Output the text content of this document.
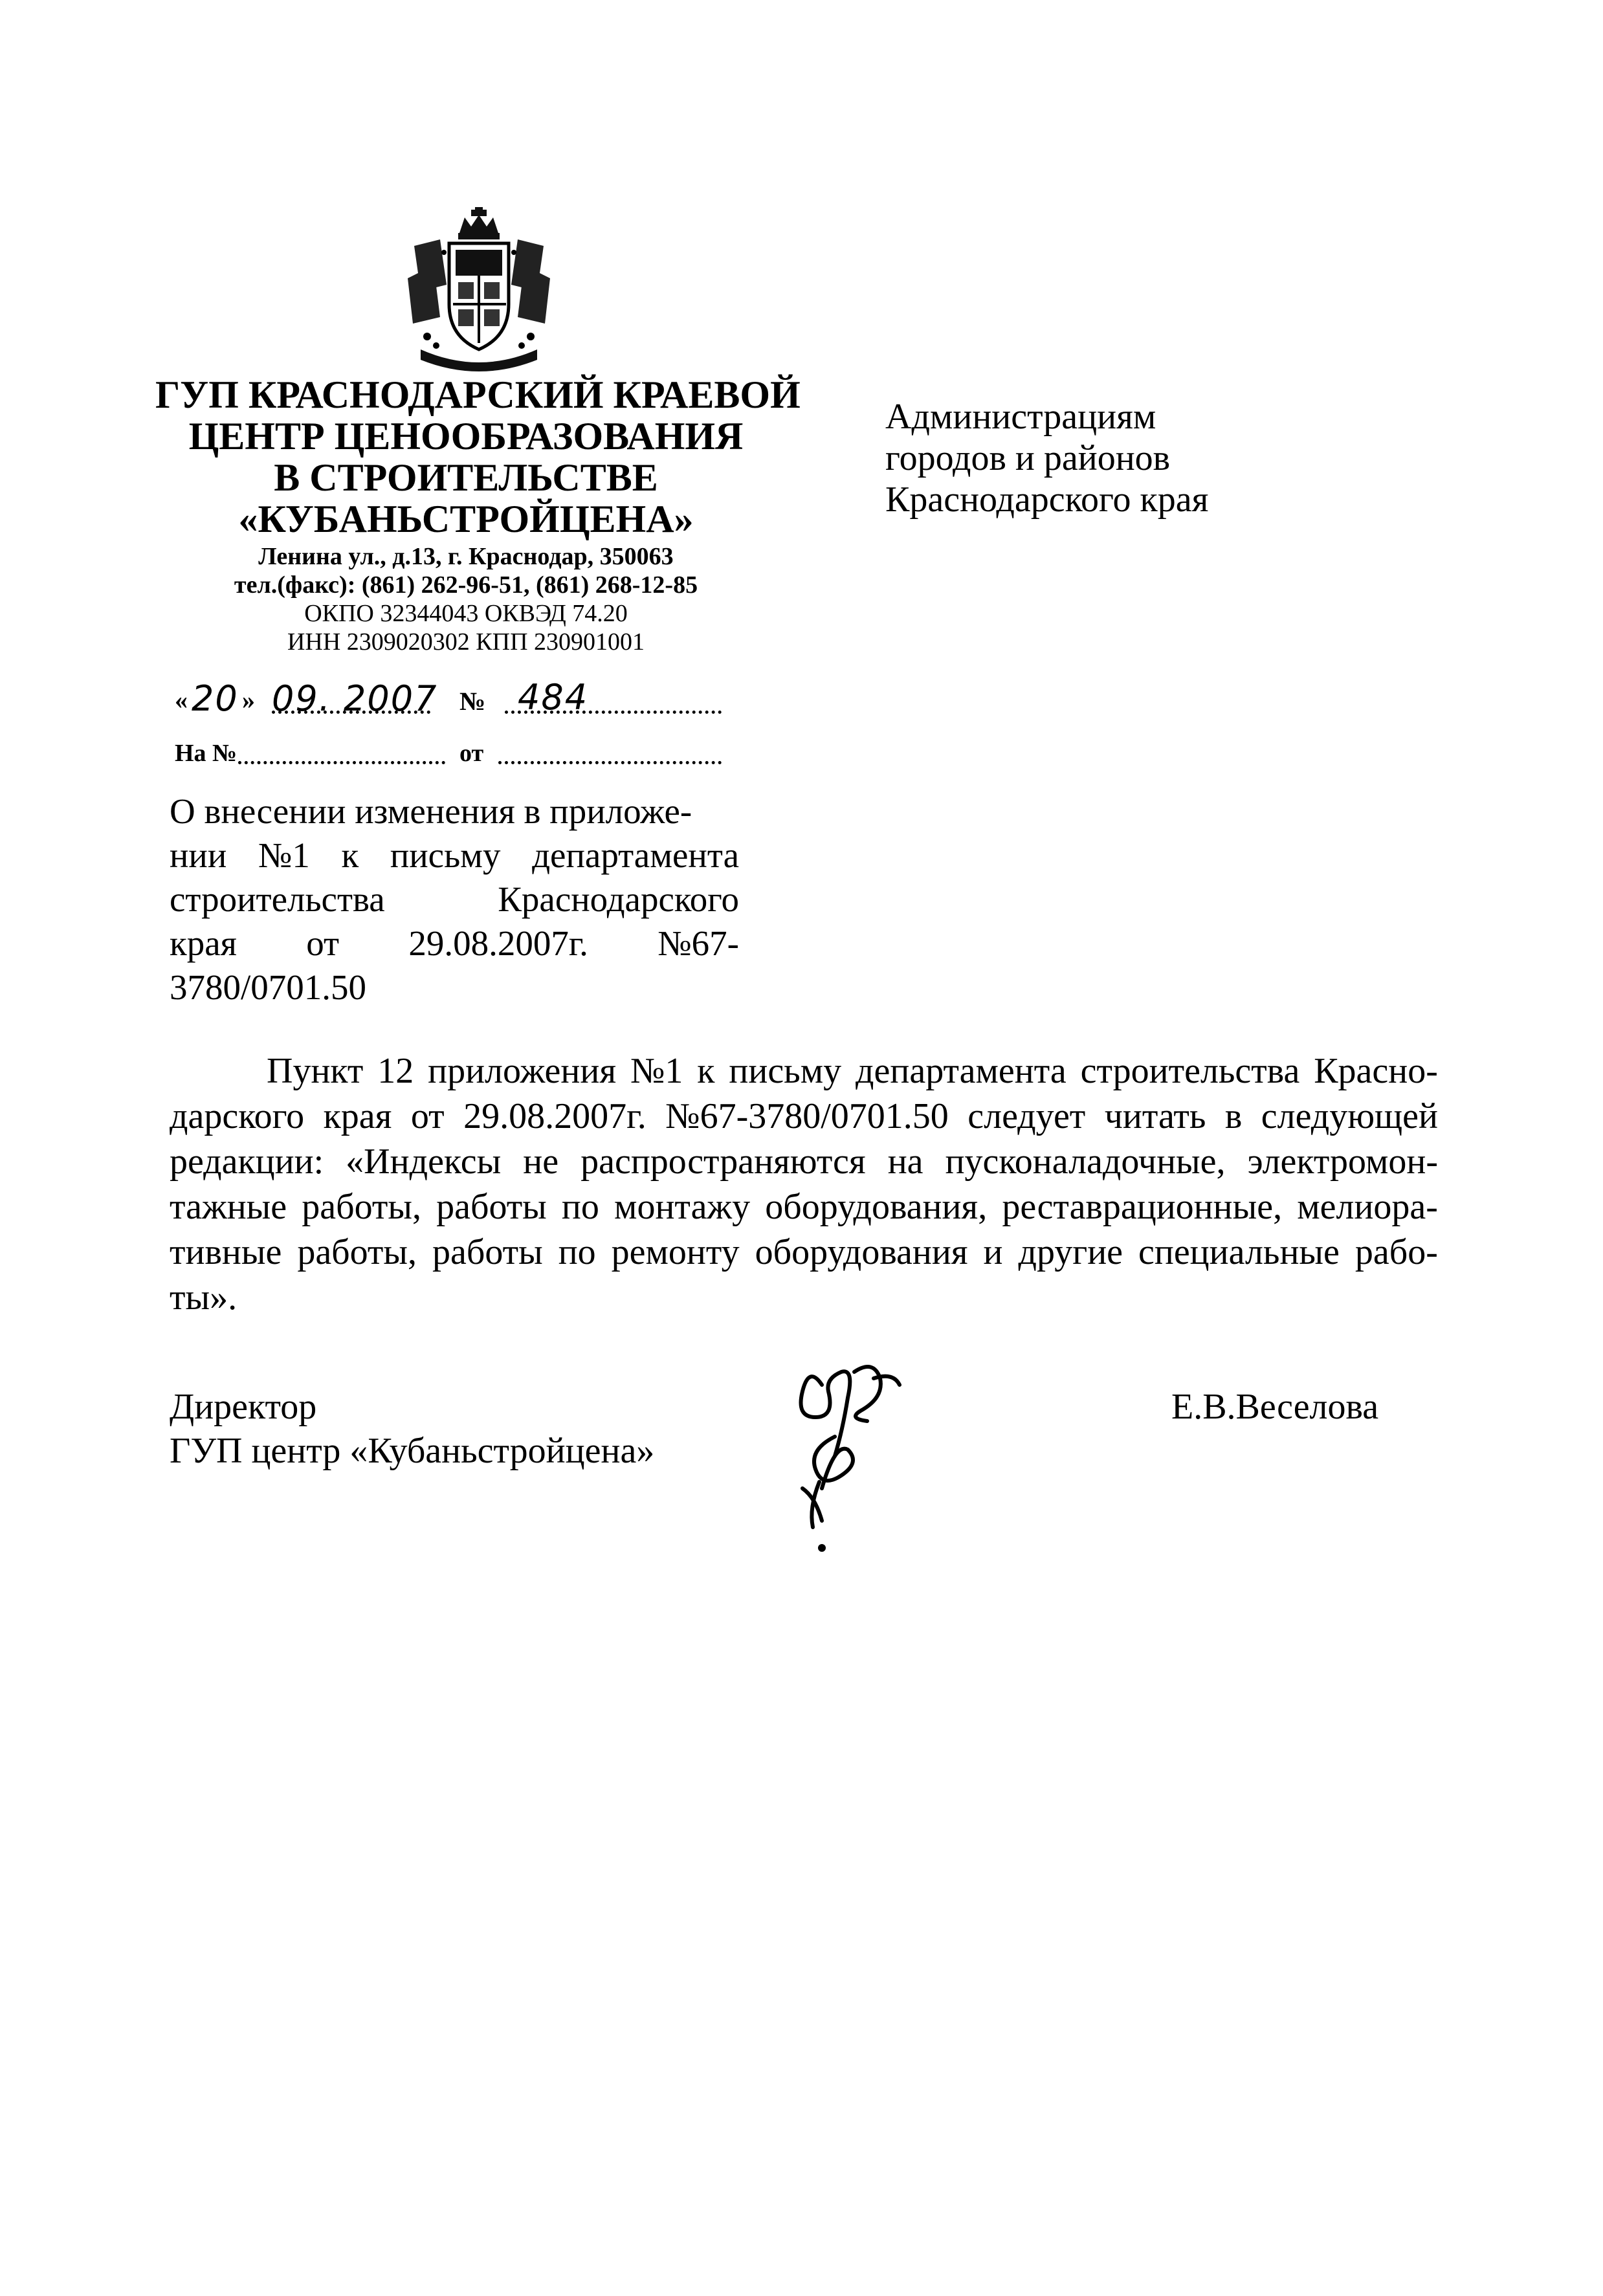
ГУП КРАСНОДАРСКИЙ КРАЕВОЙ
ЦЕНТР ЦЕНООБРАЗОВАНИЯ
В СТРОИТЕЛЬСТВЕ
«КУБАНЬСТРОЙЦЕНА»
Ленина ул., д.13, г. Краснодар, 350063
тел.(факс): (861) 262-96-51, (861) 268-12-85
ОКПО 32344043 ОКВЭД 74.20
ИНН 2309020302 КПП 230901001
« 20 » 09. 2007 № 484
На №	от
О внесении изменения в приложе-
нии №1 к письму департамента
строительства	Краснодарского
края от 29.08.2007г. №67-
3780/0701.50
Администрациям
городов и районов
Краснодарского края
Пункт 12 приложения №1 к письму департамента строительства Красно-
дарского края от 29.08.2007г. №67-3780/0701.50 следует читать в следующей
редакции: «Индексы не распространяются на пусконаладочные, электромон-
тажные работы, работы по монтажу оборудования, реставрационные, мелиора-
тивные работы, работы по ремонту оборудования и другие специальные рабо-
ты».
Директор
ГУП центр «Кубаньстройцена»
Е.В.Веселова
